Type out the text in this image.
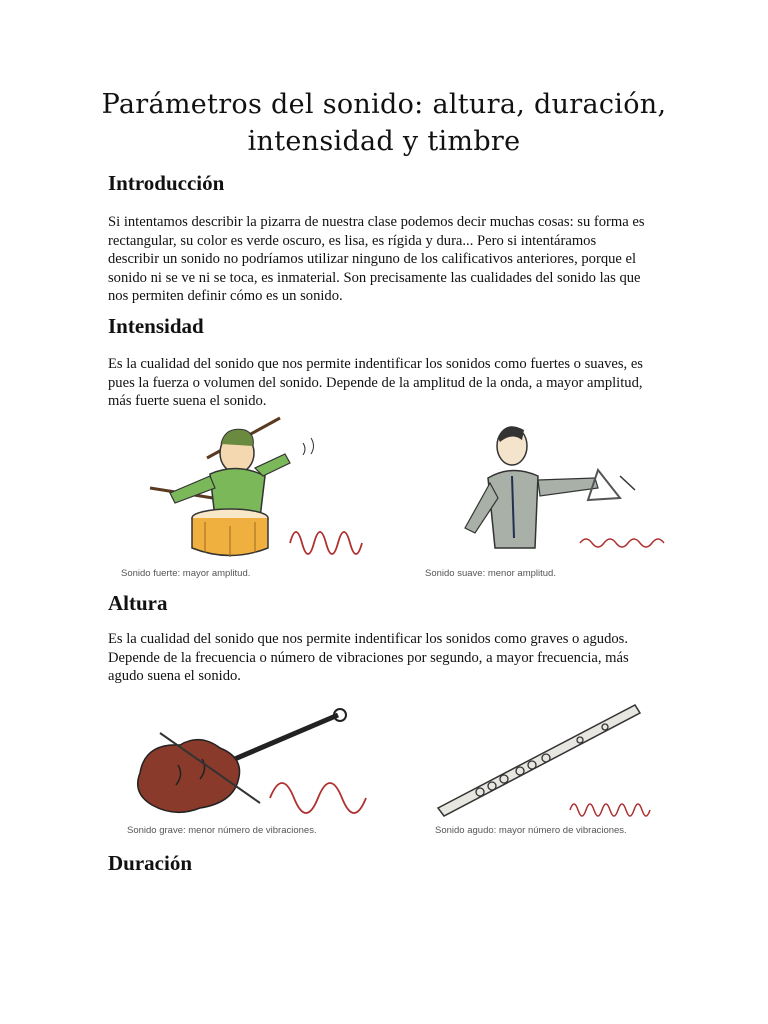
Parámetros del sonido: altura, duración, intensidad y timbre
Introducción

Si intentamos describir la pizarra de nuestra clase podemos decir muchas cosas: su forma es rectangular, su color es verde oscuro, es lisa, es rígida y dura... Pero si intentáramos describir un sonido no podríamos utilizar ninguno de los calificativos anteriores, porque el sonido ni se ve ni se toca, es inmaterial. Son precisamente las cualidades del sonido las que nos permiten definir cómo es un sonido.

Intensidad

Es la cualidad del sonido que nos permite indentificar los sonidos como fuertes o suaves, es pues la fuerza o volumen del sonido. Depende de la amplitud de la onda, a mayor amplitud, más fuerte suena el sonido.

Sonido fuerte: mayor amplitud.	Sonido suave: menor amplitud.
Altura

Es la cualidad del sonido que nos permite indentificar los sonidos como graves o agudos. Depende de la frecuencia o número de vibraciones por segundo, a mayor frecuencia, más agudo suena el sonido.

Sonido grave: menor número de vibraciones.	Sonido agudo: mayor número de vibraciones.
Duración
